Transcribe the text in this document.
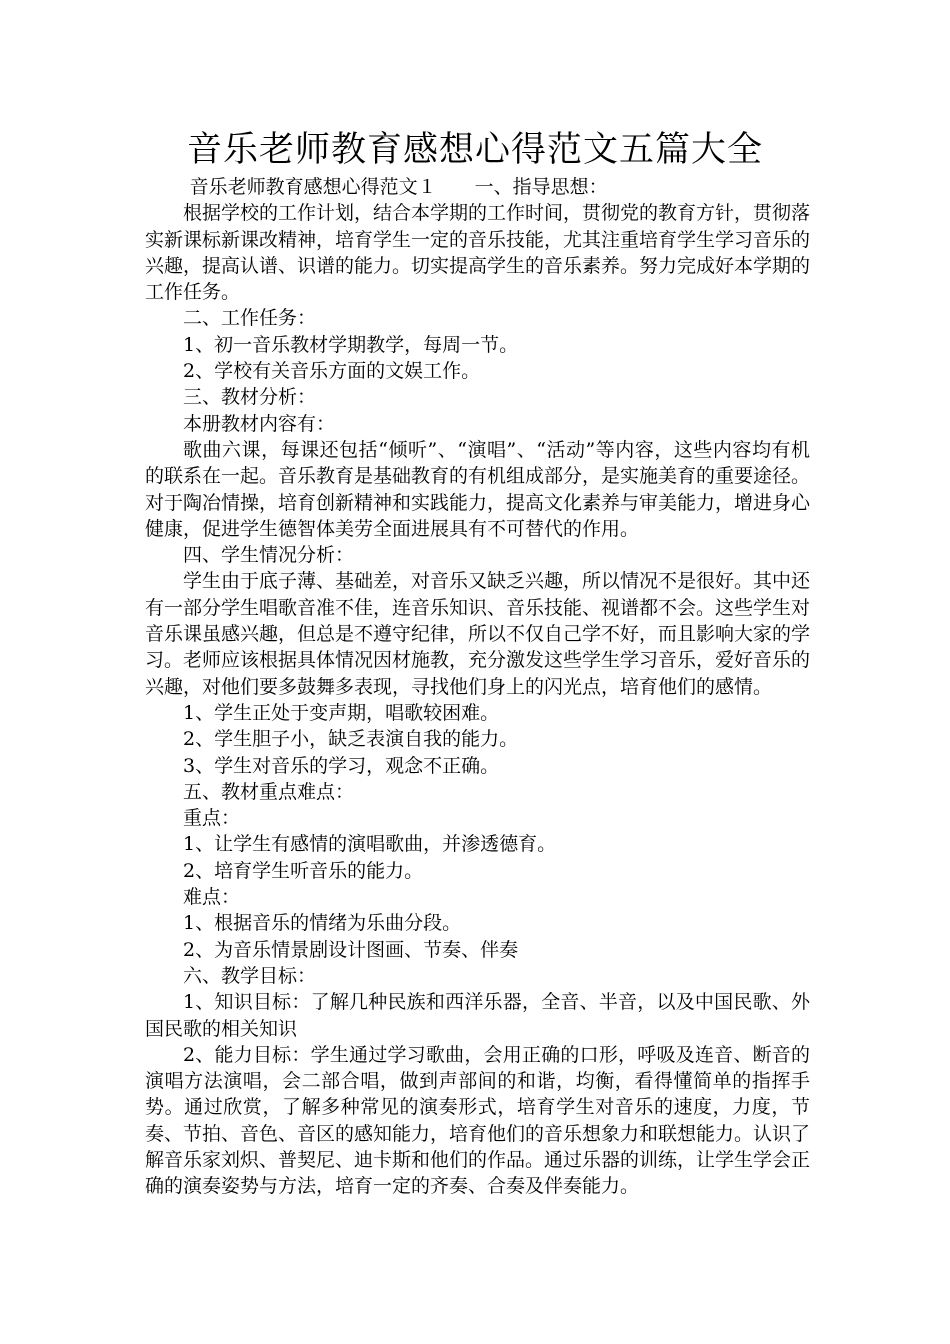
音乐老师教育感想心得范文五篇大全

音乐老师教育感想心得范文１ 一、指导思想：

根据学校的工作计划，结合本学期的工作时间，贯彻党的教育方针，贯彻落实新课标新课改精神，培育学生一定的音乐技能，尤其注重培育学生学习音乐的兴趣，提高认谱、识谱的能力。切实提高学生的音乐素养。努力完成好本学期的工作任务。

二、工作任务：

1、初一音乐教材学期教学，每周一节。

2、学校有关音乐方面的文娱工作。

三、教材分析：

本册教材内容有：

歌曲六课，每课还包括“倾听”、“演唱”、“活动”等内容，这些内容均有机的联系在一起。音乐教育是基础教育的有机组成部分，是实施美育的重要途径。对于陶冶情操，培育创新精神和实践能力，提高文化素养与审美能力，增进身心健康，促进学生德智体美劳全面进展具有不可替代的作用。

四、学生情况分析：

学生由于底子薄、基础差，对音乐又缺乏兴趣，所以情况不是很好。其中还有一部分学生唱歌音准不佳，连音乐知识、音乐技能、视谱都不会。这些学生对音乐课虽感兴趣，但总是不遵守纪律，所以不仅自己学不好，而且影响大家的学习。老师应该根据具体情况因材施教，充分激发这些学生学习音乐，爱好音乐的兴趣，对他们要多鼓舞多表现，寻找他们身上的闪光点，培育他们的感情。

1、学生正处于变声期，唱歌较困难。

2、学生胆子小，缺乏表演自我的能力。

3、学生对音乐的学习，观念不正确。

五、教材重点难点：

重点：

1、让学生有感情的演唱歌曲，并渗透德育。

2、培育学生听音乐的能力。

难点：

1、根据音乐的情绪为乐曲分段。

2、为音乐情景剧设计图画、节奏、伴奏

六、教学目标：

1、知识目标：了解几种民族和西洋乐器，全音、半音，以及中国民歌、外国民歌的相关知识

2、能力目标：学生通过学习歌曲，会用正确的口形，呼吸及连音、断音的演唱方法演唱，会二部合唱，做到声部间的和谐，均衡，看得懂简单的指挥手势。通过欣赏，了解多种常见的演奏形式，培育学生对音乐的速度，力度，节奏、节拍、音色、音区的感知能力，培育他们的音乐想象力和联想能力。认识了解音乐家刘炽、普契尼、迪卡斯和他们的作品。通过乐器的训练，让学生学会正确的演奏姿势与方法，培育一定的齐奏、合奏及伴奏能力。
